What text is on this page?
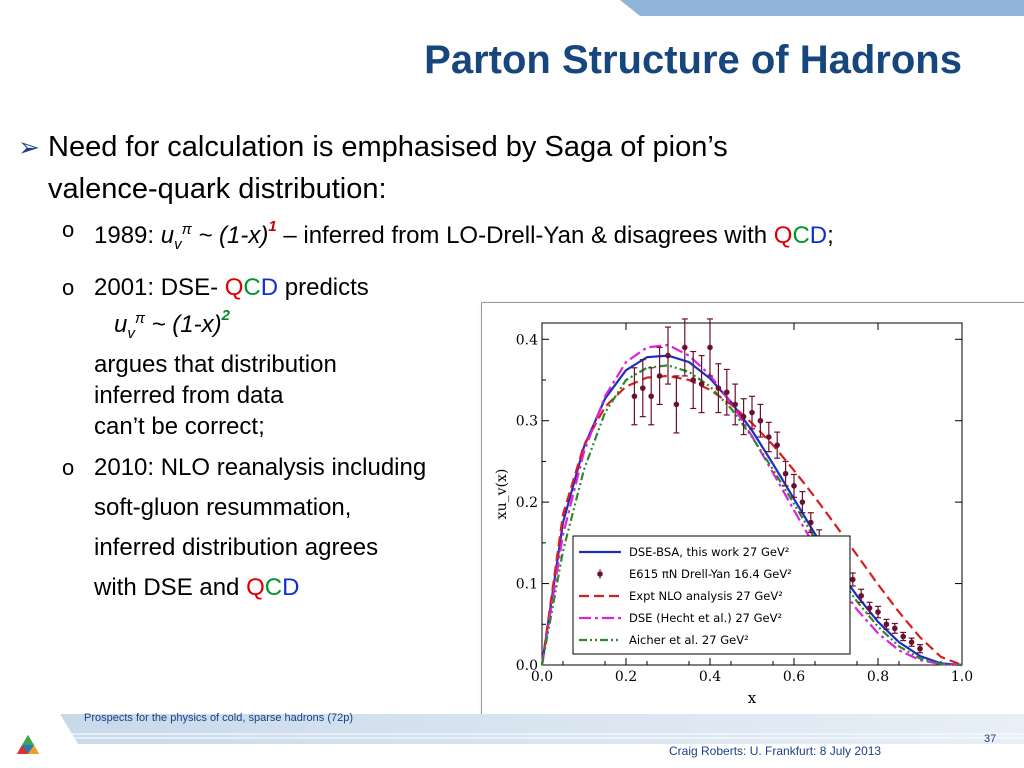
Parton Structure of Hadrons
➢ Need for calculation is emphasised by Saga of pion’s valence-quark distribution:
o 1989: $u_v^\pi$ ~ $(1-x)^1$ – inferred from LO-Drell-Yan & disagrees with QCD;
o 2001: DSE- QCD predicts
$u_v^\pi$ ~ $(1-x)^2$
argues that distribution
inferred from data
can’t be correct;
o 2010: NLO reanalysis including
soft-gluon resummation,
inferred distribution agrees
with DSE and QCD
0.0	0.2	0.4	0.6	0.8	1.0
0.0
0.1
0.2
0.3
0.4
x
xu_v(x)
DSE-BSA, this work 27 GeV²
E615 πN Drell-Yan 16.4 GeV²
Expt NLO analysis 27 GeV²
DSE (Hecht et al.) 27 GeV²
Aicher et al. 27 GeV²
Prospects for the physics of cold, sparse hadrons (72p)
Craig Roberts: U. Frankfurt: 8 July 2013
37
